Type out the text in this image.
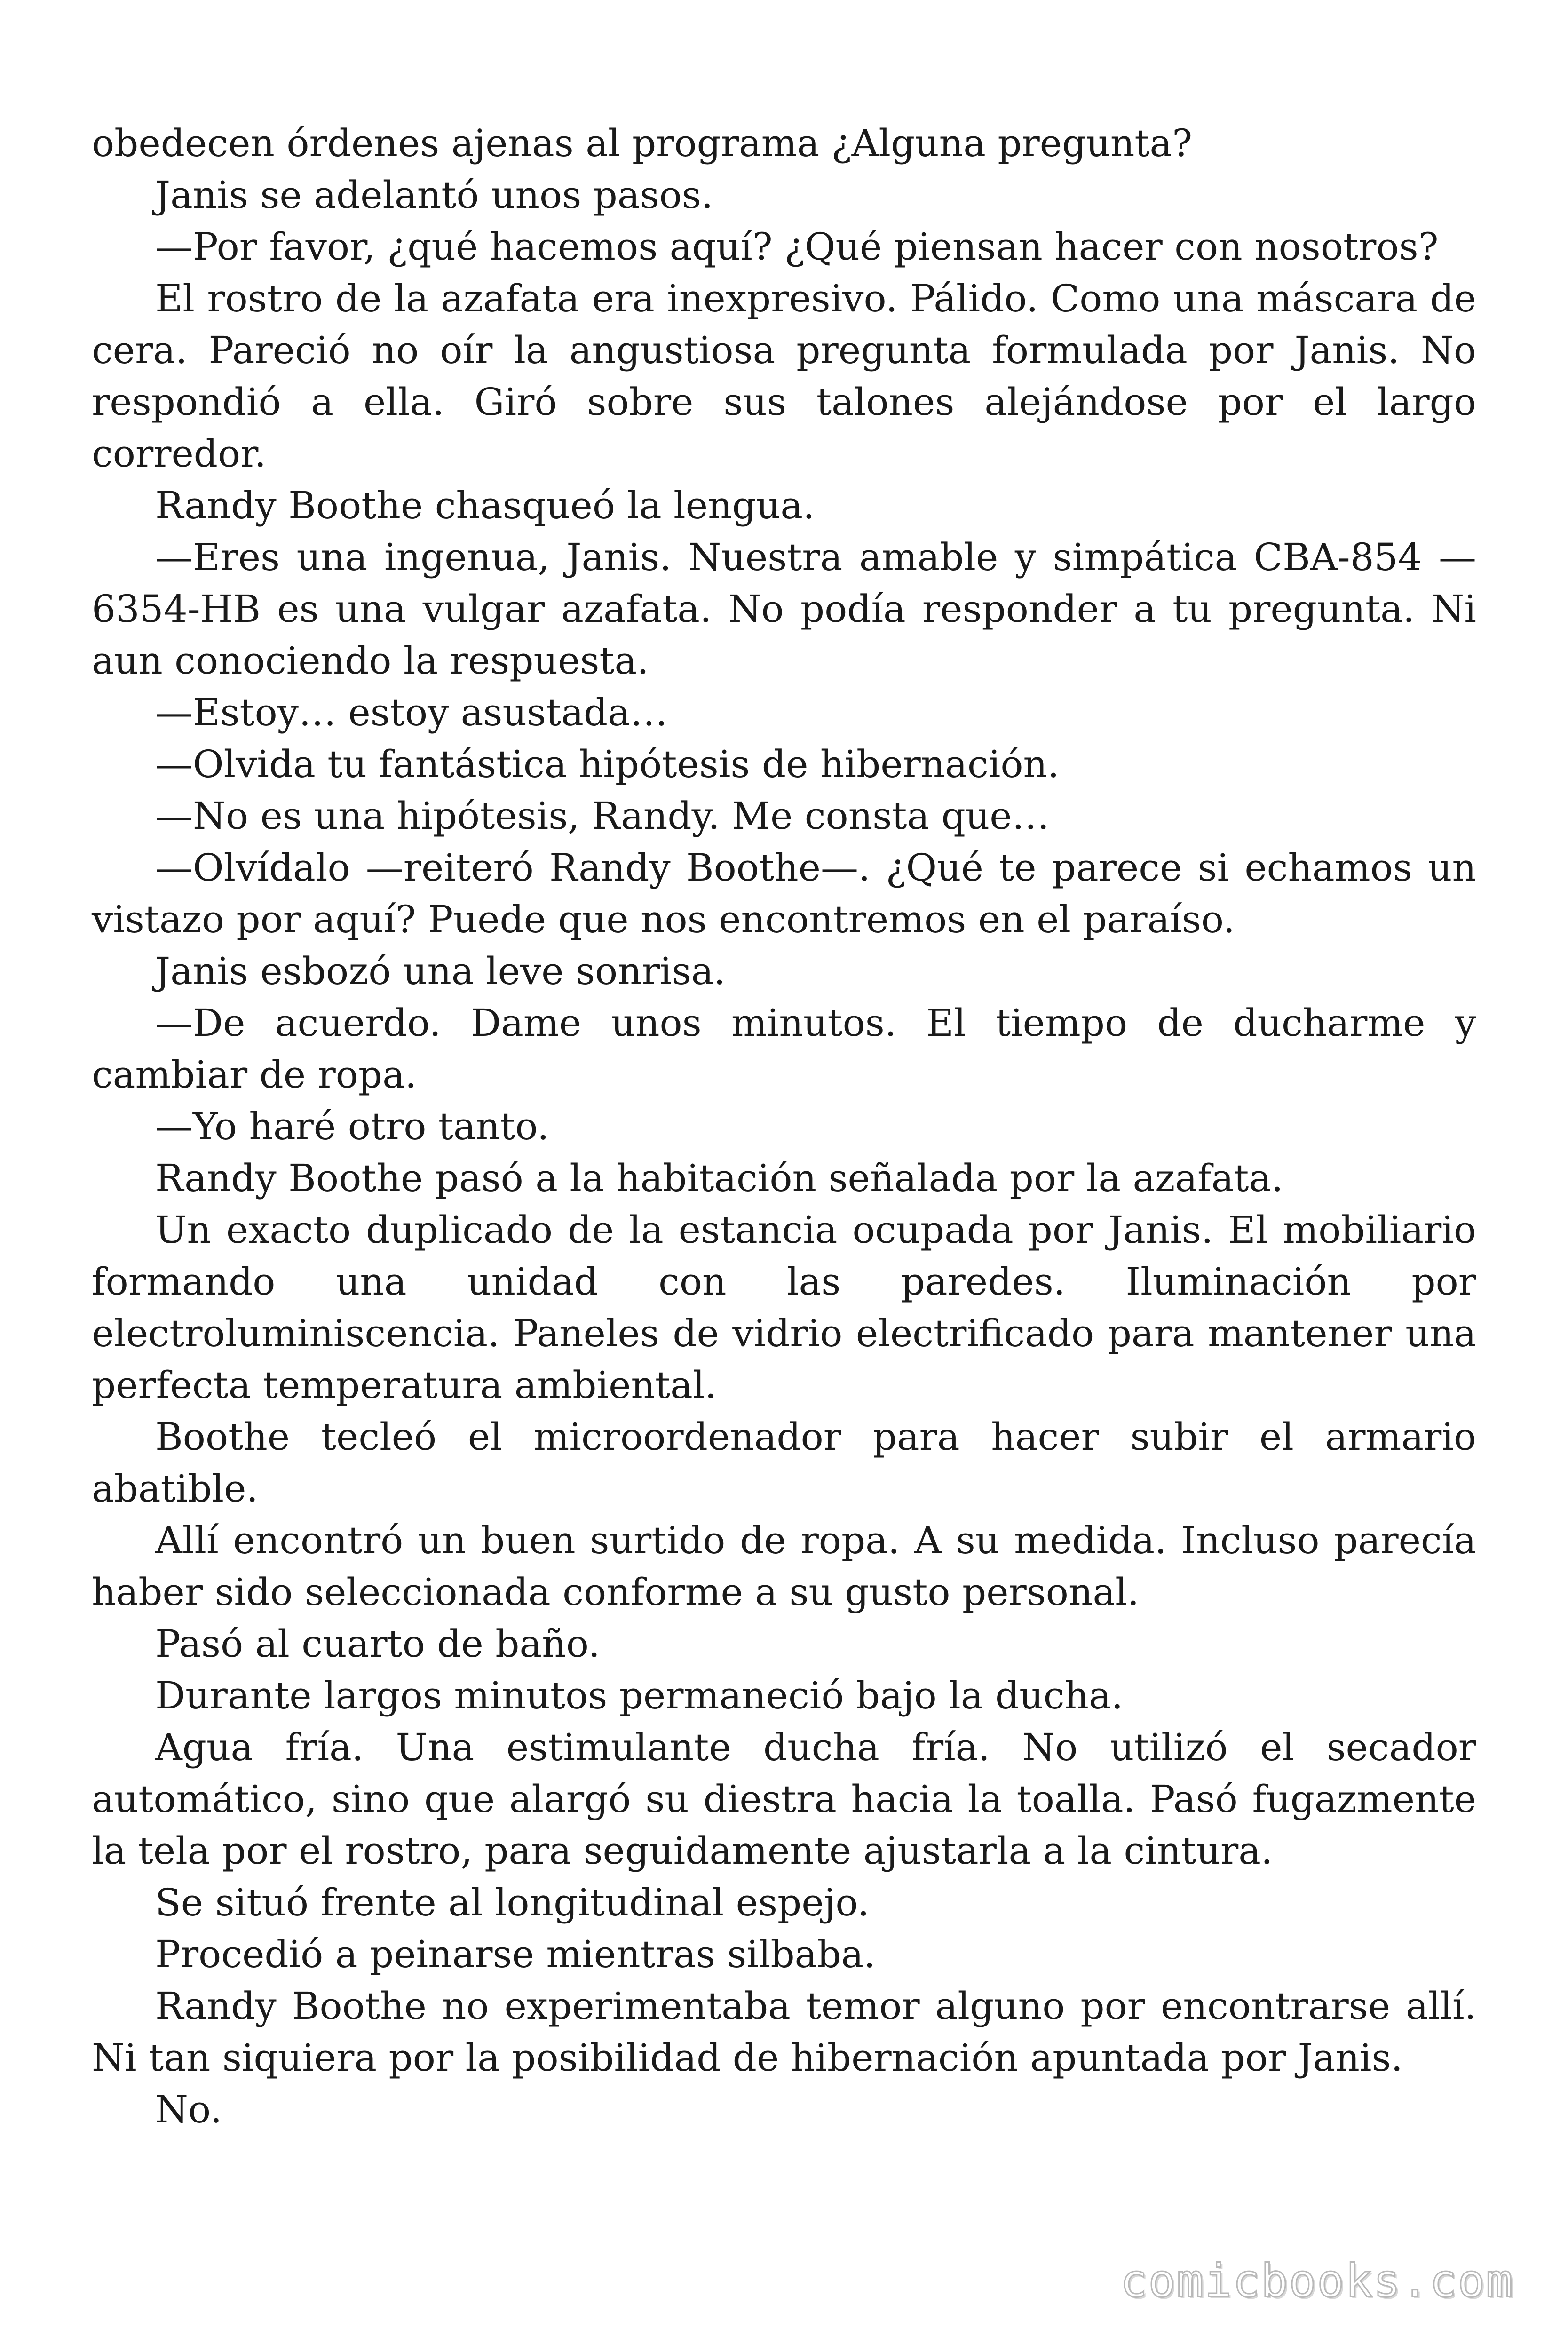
obedecen órdenes ajenas al programa ¿Alguna pregunta?

Janis se adelantó unos pasos.

—Por favor, ¿qué hacemos aquí? ¿Qué piensan hacer con nosotros?

El rostro de la azafata era inexpresivo. Pálido. Como una máscara de cera. Pareció no oír la angustiosa pregunta formulada por Janis. No respondió a ella. Giró sobre sus talones alejándose por el largo corredor.

Randy Boothe chasqueó la lengua.

—Eres una ingenua, Janis. Nuestra amable y simpática CBA-854 — 6354-HB es una vulgar azafata. No podía responder a tu pregunta. Ni aun conociendo la respuesta.

—Estoy… estoy asustada…

—Olvida tu fantástica hipótesis de hibernación.

—No es una hipótesis, Randy. Me consta que…

—Olvídalo —reiteró Randy Boothe—. ¿Qué te parece si echamos un vistazo por aquí? Puede que nos encontremos en el paraíso.

Janis esbozó una leve sonrisa.

—De acuerdo. Dame unos minutos. El tiempo de ducharme y cambiar de ropa.

—Yo haré otro tanto.

Randy Boothe pasó a la habitación señalada por la azafata.

Un exacto duplicado de la estancia ocupada por Janis. El mobiliario formando una unidad con las paredes. Iluminación por electroluminiscencia. Paneles de vidrio electrificado para mantener una perfecta temperatura ambiental.

Boothe tecleó el microordenador para hacer subir el armario abatible.

Allí encontró un buen surtido de ropa. A su medida. Incluso parecía haber sido seleccionada conforme a su gusto personal.

Pasó al cuarto de baño.

Durante largos minutos permaneció bajo la ducha.

Agua fría. Una estimulante ducha fría. No utilizó el secador automático, sino que alargó su diestra hacia la toalla. Pasó fugazmente la tela por el rostro, para seguidamente ajustarla a la cintura.

Se situó frente al longitudinal espejo.

Procedió a peinarse mientras silbaba.

Randy Boothe no experimentaba temor alguno por encontrarse allí. Ni tan siquiera por la posibilidad de hibernación apuntada por Janis.

No.

comicbooks.com
